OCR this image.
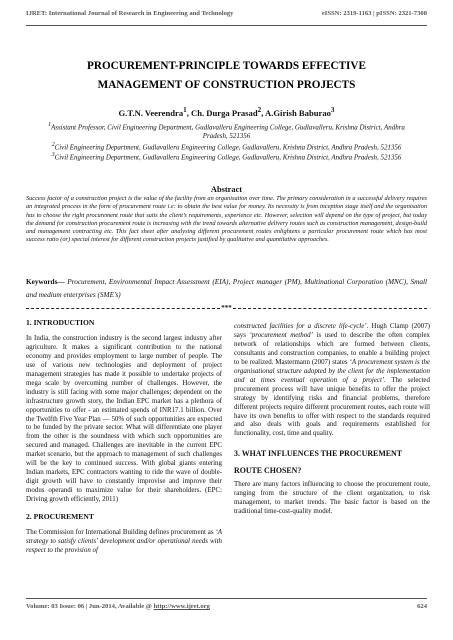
IJRET: International Journal of Research in Engineering and Technology	eISSN: 2319-1163 | pISSN: 2321-7308
PROCUREMENT-PRINCIPLE TOWARDS EFFECTIVE
MANAGEMENT OF CONSTRUCTION PROJECTS
G.T.N. Veerendra$^1$, Ch. Durga Prasad$^2$, A.Girish Baburao$^3$

$^1$Assistant Professor, Civil Engineering Department, Gudlavalleru Engineering College, Gudlavalleru, Krishna District, Andhra Pradesh, 521356

$^2$Civil Engineering Department, Gudlavalleru Engineering College, Gudlavalleru, Krishna District, Andhra Pradesh, 521356

$^3$Civil Engineering Department, Gudlavalleru Engineering College, Gudlavalleru, Krishna District, Andhra Pradesh, 521356

Abstract
Success factor of a construction project is the value of the facility from an organisation over time. The primary consideration in a successful delivery requires an integrated process in the form of procurement route i.e: to obtain the best value for money. Its necessity is from inception stage itself and the organisation has to choose the right procurement route that suits the client’s requirements, experience etc. However, selection will depend on the type of project, but today the demand for construction procurement route is increasing with the trend towards alternative delivery routes such as construction management, design-build and management contracting etc. This fact sheet after analysing different procurement routes enlightens a particular procurement route which has most success ratio (or) special interest for different construction projects justified by qualitative and quantitative approaches.
Keywords— Procurement, Environmental Impact Assessment (EIA), Project manager (PM), Multinational Corporation (MNC), Small and medium enterprises (SME’s)
***

1. INTRODUCTION

In India, the construction industry is the second largest industry after agriculture. It makes a significant contribution to the national economy and provides employment to large number of people. The use of various new technologies and deployment of project management strategies has made it possible to undertake projects of mega scale by overcoming number of challenges. However, the industry is still facing with some major challenges; dependent on the infrastructure growth story, the Indian EPC market has a plethora of opportunities to offer - an estimated spends of INR17.1 billion. Over the Twelfth Five Year Plan — 50% of such opportunities are expected to be funded by the private sector. What will differentiate one player from the other is the soundness with which such opportunities are secured and managed. Challenges are inevitable in the current EPC market scenario, but the approach to management of such challenges will be the key to continued success. With global giants entering Indian markets, EPC contractors wanting to ride the wave of double-digit growth will have to constantly improvise and improve their modus operandi to maximize value for their shareholders. (EPC: Driving growth efficiently, 2011)

2. PROCUREMENT

The Commission for International Building defines procurement as ‘A strategy to satisfy clients’ development and/or operational needs with respect to the provision of

constructed facilities for a discrete life-cycle’. Hugh Clamp (2007) says ‘procurement method’ is used to describe the often complex network of relationships which are formed between clients, consultants and construction companies, to enable a building project to be realized. Mastermann (2007) states ‘A procurement system is the organisational structure adopted by the client for the implementation and at times eventual operation of a project’. The selected procurement process will have unique benefits to offer the project strategy by identifying risks and financial problems, therefore different projects require different procurement routes, each route will have its own benefits to offer with respect to the standards required and also deals with goals and requirements established for functionality, cost, time and quality.

3. WHAT INFLUENCES THE PROCUREMENT ROUTE CHOSEN?

There are many factors influencing to choose the procurement route, ranging from the structure of the client organization, to risk management, to market trends. The basic factor is based on the traditional time-cost-quality model.

Volume: 03 Issue: 06 | Jun-2014, Available @ http://www.ijret.org	624
